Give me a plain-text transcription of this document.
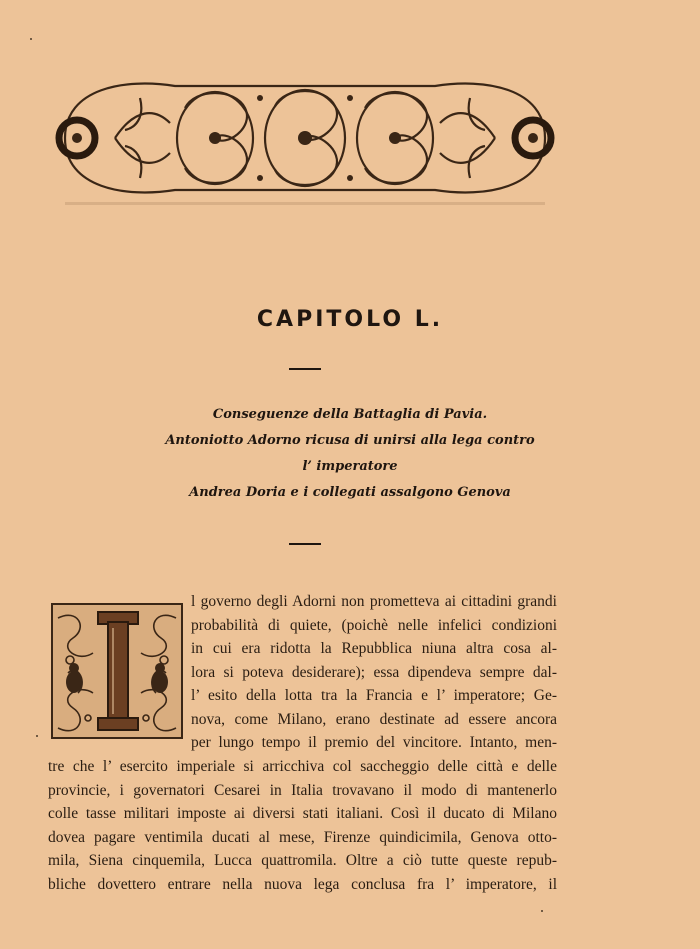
CAPITOLO L.
Conseguenze della Battaglia di Pavia.
Antoniotto Adorno ricusa di unirsi alla lega contro
l’ imperatore
Andrea Doria e i collegati assalgono Genova
l governo degli Adorni non prometteva ai cittadini grandi
probabilità di quiete, (poichè nelle infelici condizioni
in cui era ridotta la Repubblica niuna altra cosa al-
lora si poteva desiderare); essa dipendeva sempre dal-
l’ esito della lotta tra la Francia e l’ imperatore; Ge-
nova, come Milano, erano destinate ad essere ancora
per lungo tempo il premio del vincitore. Intanto, men-
tre che l’ esercito imperiale si arricchiva col saccheggio delle città e delle
provincie, i governatori Cesarei in Italia trovavano il modo di mantenerlo
colle tasse militari imposte ai diversi stati italiani. Così il ducato di Milano
dovea pagare ventimila ducati al mese, Firenze quindicimila, Genova otto-
mila, Siena cinquemila, Lucca quattromila. Oltre a ciò tutte queste repub-
bliche dovettero entrare nella nuova lega conclusa fra l’ imperatore, il
